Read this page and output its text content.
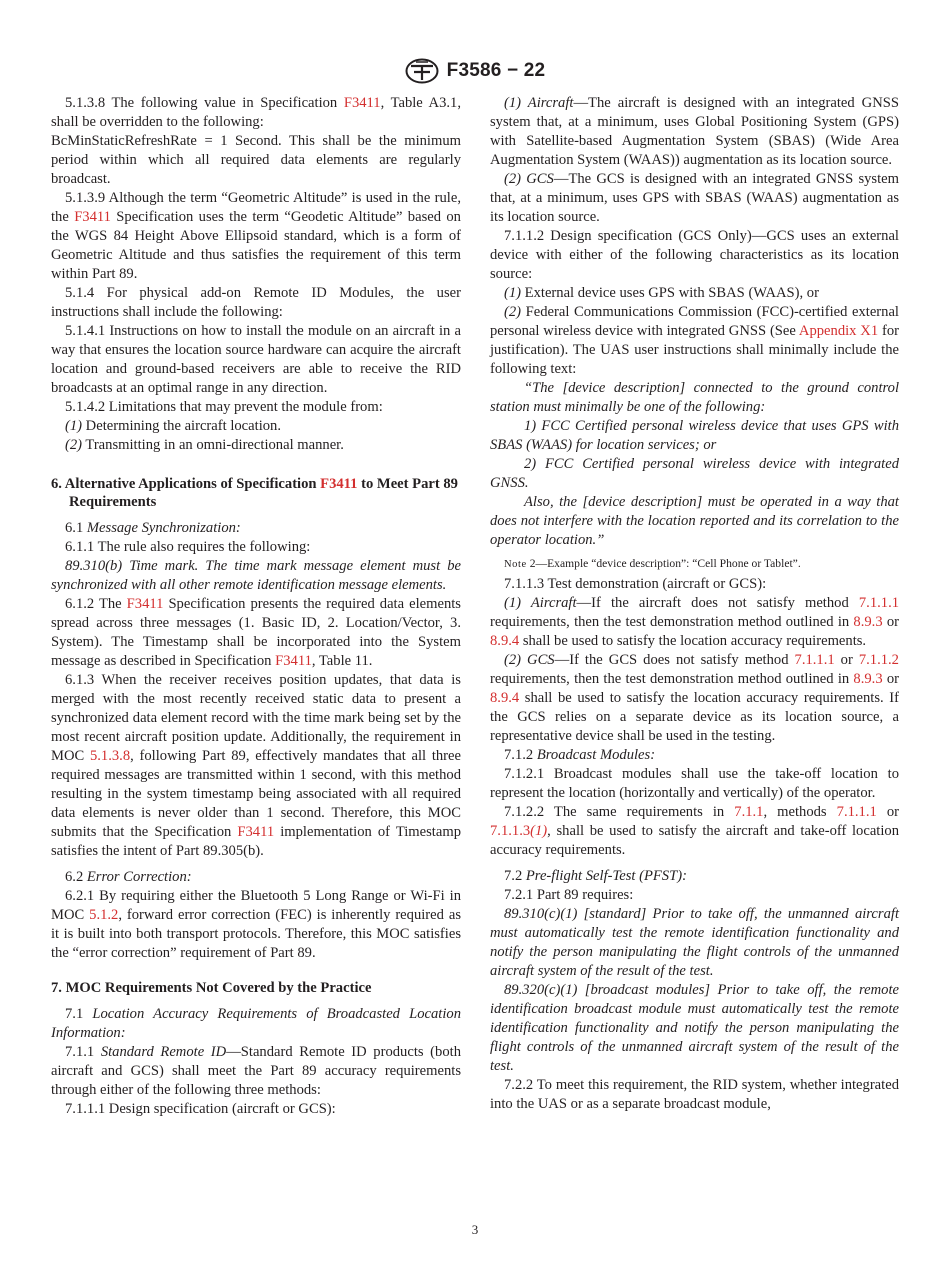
F3586 − 22

5.1.3.8 The following value in Specification F3411, Table A3.1, shall be overridden to the following:

BcMinStaticRefreshRate = 1 Second. This shall be the minimum period within which all required data elements are regularly broadcast.

5.1.3.9 Although the term “Geometric Altitude” is used in the rule, the F3411 Specification uses the term “Geodetic Altitude” based on the WGS 84 Height Above Ellipsoid standard, which is a form of Geometric Altitude and thus satisfies the requirement of this term within Part 89.

5.1.4 For physical add-on Remote ID Modules, the user instructions shall include the following:

5.1.4.1 Instructions on how to install the module on an aircraft in a way that ensures the location source hardware can acquire the aircraft location and ground-based receivers are able to receive the RID broadcasts at an optimal range in any direction.

5.1.4.2 Limitations that may prevent the module from:

(1) Determining the aircraft location.

(2) Transmitting in an omni-directional manner.

6. Alternative Applications of Specification F3411 to Meet Part 89 Requirements

6.1 Message Synchronization:

6.1.1 The rule also requires the following:

89.310(b) Time mark. The time mark message element must be synchronized with all other remote identification message elements.

6.1.2 The F3411 Specification presents the required data elements spread across three messages (1. Basic ID, 2. Location/Vector, 3. System). The Timestamp shall be incorporated into the System message as described in Specification F3411, Table 11.

6.1.3 When the receiver receives position updates, that data is merged with the most recently received static data to present a synchronized data element record with the time mark being set by the most recent aircraft position update. Additionally, the requirement in MOC 5.1.3.8, following Part 89, effectively mandates that all three required messages are transmitted within 1 second, with this method resulting in the system timestamp being associated with all required data elements is never older than 1 second. Therefore, this MOC submits that the Specification F3411 implementation of Timestamp satisfies the intent of Part 89.305(b).

6.2 Error Correction:

6.2.1 By requiring either the Bluetooth 5 Long Range or Wi-Fi in MOC 5.1.2, forward error correction (FEC) is inherently required as it is built into both transport protocols. Therefore, this MOC satisfies the “error correction” requirement of Part 89.

7. MOC Requirements Not Covered by the Practice

7.1 Location Accuracy Requirements of Broadcasted Location Information:

7.1.1 Standard Remote ID—Standard Remote ID products (both aircraft and GCS) shall meet the Part 89 accuracy requirements through either of the following three methods:

7.1.1.1 Design specification (aircraft or GCS):

(1) Aircraft—The aircraft is designed with an integrated GNSS system that, at a minimum, uses Global Positioning System (GPS) with Satellite-based Augmentation System (SBAS) (Wide Area Augmentation System (WAAS)) augmentation as its location source.

(2) GCS—The GCS is designed with an integrated GNSS system that, at a minimum, uses GPS with SBAS (WAAS) augmentation as its location source.

7.1.1.2 Design specification (GCS Only)—GCS uses an external device with either of the following characteristics as its location source:

(1) External device uses GPS with SBAS (WAAS), or

(2) Federal Communications Commission (FCC)-certified external personal wireless device with integrated GNSS (See Appendix X1 for justification). The UAS user instructions shall minimally include the following text:

“The [device description] connected to the ground control station must minimally be one of the following:

1) FCC Certified personal wireless device that uses GPS with SBAS (WAAS) for location services; or

2) FCC Certified personal wireless device with integrated GNSS.

Also, the [device description] must be operated in a way that does not interfere with the location reported and its correlation to the operator location.”

Note 2—Example “device description”: “Cell Phone or Tablet”.

7.1.1.3 Test demonstration (aircraft or GCS):

(1) Aircraft—If the aircraft does not satisfy method 7.1.1.1 requirements, then the test demonstration method outlined in 8.9.3 or 8.9.4 shall be used to satisfy the location accuracy requirements.

(2) GCS—If the GCS does not satisfy method 7.1.1.1 or 7.1.1.2 requirements, then the test demonstration method outlined in 8.9.3 or 8.9.4 shall be used to satisfy the location accuracy requirements. If the GCS relies on a separate device as its location source, a representative device shall be used in the testing.

7.1.2 Broadcast Modules:

7.1.2.1 Broadcast modules shall use the take-off location to represent the location (horizontally and vertically) of the operator.

7.1.2.2 The same requirements in 7.1.1, methods 7.1.1.1 or 7.1.1.3(1), shall be used to satisfy the aircraft and take-off location accuracy requirements.

7.2 Pre-flight Self-Test (PFST):

7.2.1 Part 89 requires:

89.310(c)(1) [standard] Prior to take off, the unmanned aircraft must automatically test the remote identification functionality and notify the person manipulating the flight controls of the unmanned aircraft system of the result of the test.

89.320(c)(1) [broadcast modules] Prior to take off, the remote identification broadcast module must automatically test the remote identification functionality and notify the person manipulating the flight controls of the unmanned aircraft system of the result of the test.

7.2.2 To meet this requirement, the RID system, whether integrated into the UAS or as a separate broadcast module,

3
